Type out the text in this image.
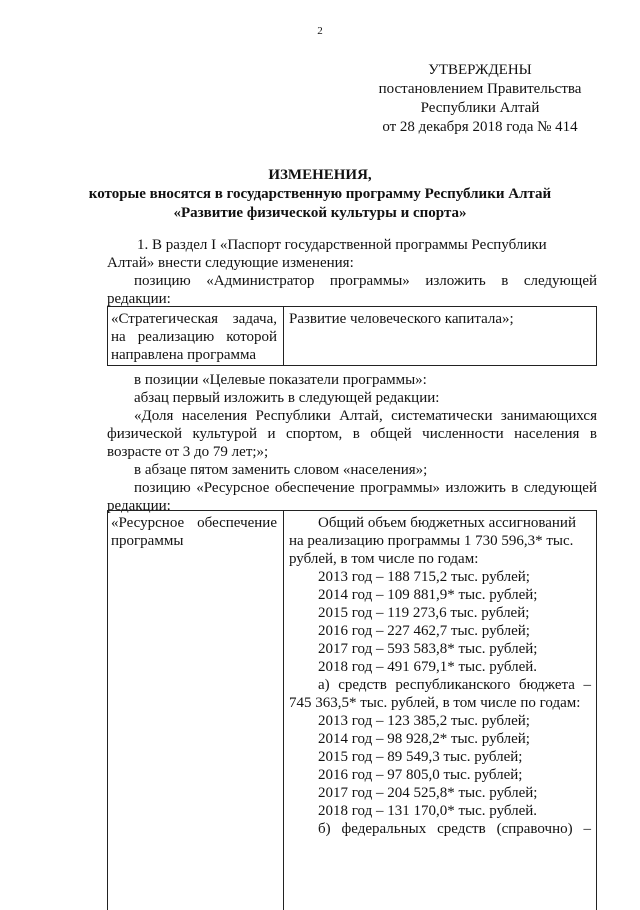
2
УТВЕРЖДЕНЫ
постановлением Правительства
Республики Алтай
от 28 декабря 2018 года № 414
ИЗМЕНЕНИЯ,
которые вносятся в государственную программу Республики Алтай
«Развитие физической культуры и спорта»
1. В раздел I «Паспорт государственной программы Республики
Алтай» внести следующие изменения:
позицию «Администратор программы» изложить в следующей
редакции:
«Стратегическая задача,
на реализацию которой
направлена программа
Развитие человеческого капитала»;
в позиции «Целевые показатели программы»:
абзац первый изложить в следующей редакции:
«Доля населения Республики Алтай, систематически занимающихся
физической культурой и спортом, в общей численности населения в
возрасте от 3 до 79 лет;»;
в абзаце пятом заменить словом «населения»;
позицию «Ресурсное обеспечение программы» изложить в следующей
редакции:
«Ресурсное обеспечение
программы
Общий объем бюджетных ассигнований
на реализацию программы 1 730 596,3* тыс.
рублей, в том числе по годам:
2013 год – 188 715,2 тыс. рублей;
2014 год – 109 881,9* тыс. рублей;
2015 год – 119 273,6 тыс. рублей;
2016 год – 227 462,7 тыс. рублей;
2017 год – 593 583,8* тыс. рублей;
2018 год – 491 679,1* тыс. рублей.
а) средств республиканского бюджета –
745 363,5* тыс. рублей, в том числе по годам:
2013 год – 123 385,2 тыс. рублей;
2014 год – 98 928,2* тыс. рублей;
2015 год – 89 549,3 тыс. рублей;
2016 год – 97 805,0 тыс. рублей;
2017 год – 204 525,8* тыс. рублей;
2018 год – 131 170,0* тыс. рублей.
б) федеральных средств (справочно) –
